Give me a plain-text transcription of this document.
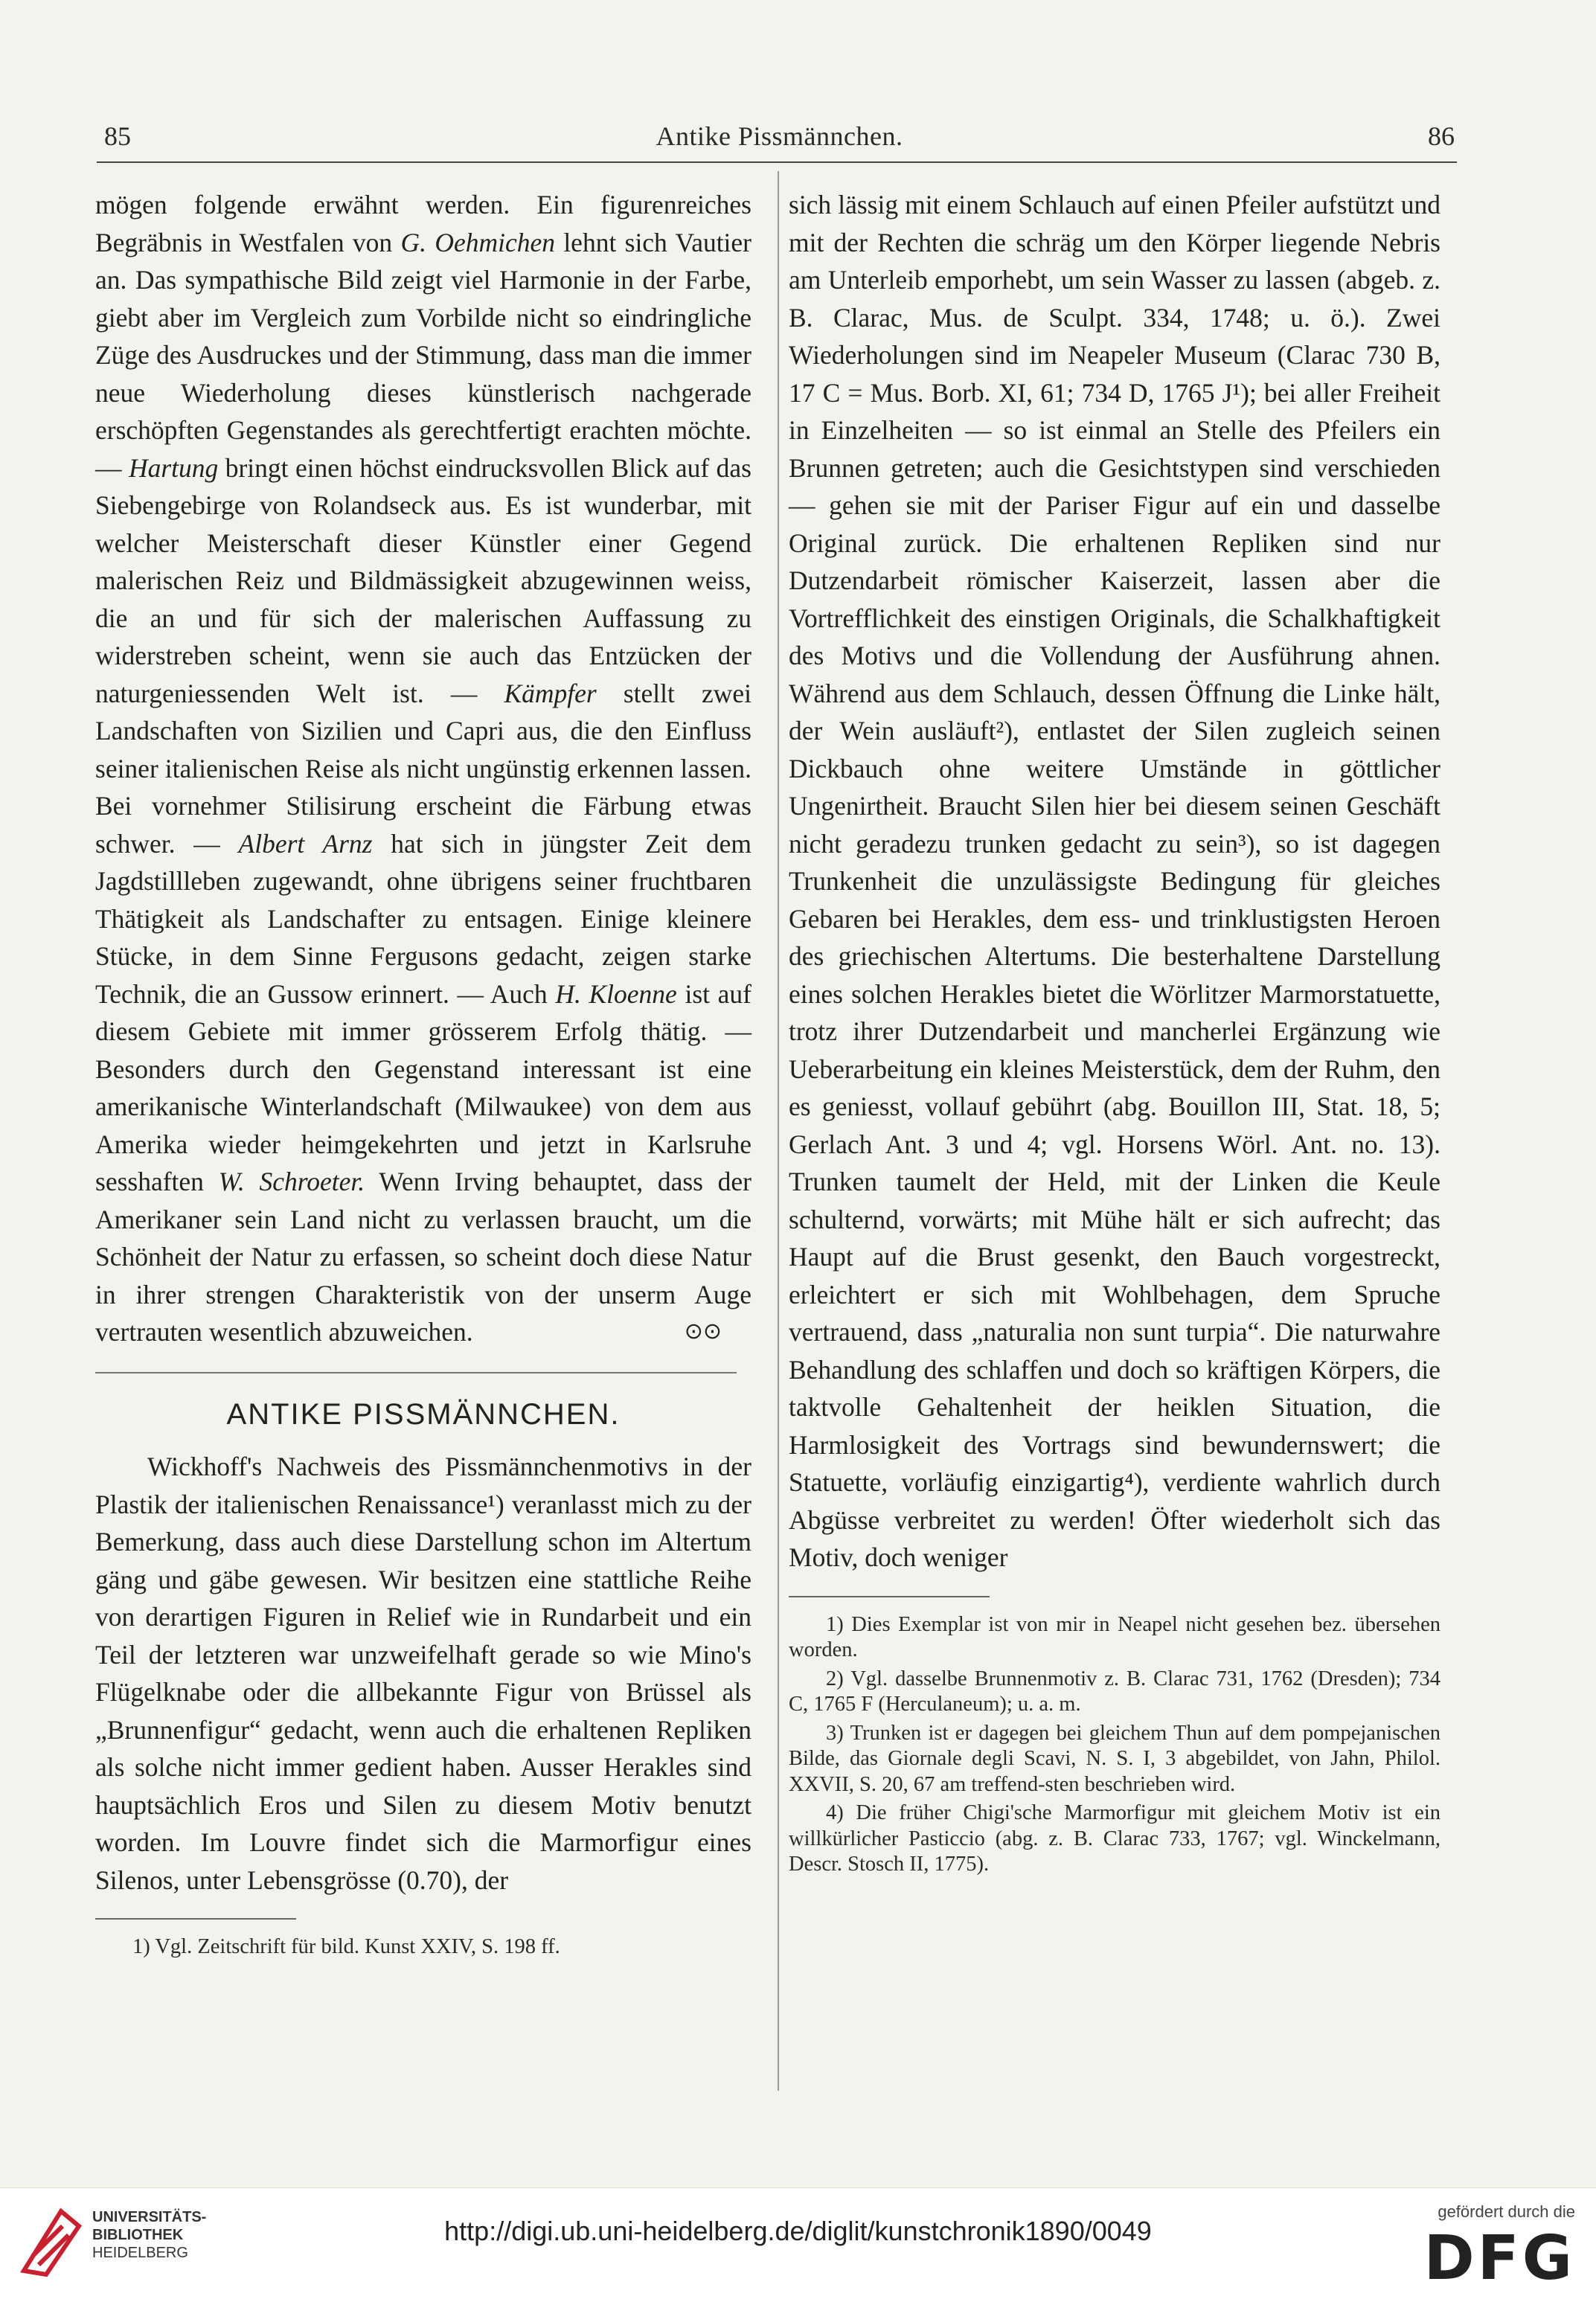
85	Antike Pissmännchen.	86

mögen folgende erwähnt werden. Ein figurenreiches Begräbnis in Westfalen von G. Oehmichen lehnt sich Vautier an. Das sympathische Bild zeigt viel Harmonie in der Farbe, giebt aber im Vergleich zum Vorbilde nicht so eindringliche Züge des Ausdruckes und der Stimmung, dass man die immer neue Wiederholung dieses künstlerisch nachgerade erschöpften Gegenstandes als gerechtfertigt erachten möchte. — Hartung bringt einen höchst eindrucksvollen Blick auf das Siebengebirge von Rolandseck aus. Es ist wunderbar, mit welcher Meisterschaft dieser Künstler einer Gegend malerischen Reiz und Bildmässigkeit abzugewinnen weiss, die an und für sich der malerischen Auffassung zu widerstreben scheint, wenn sie auch das Entzücken der naturgeniessenden Welt ist. — Kämpfer stellt zwei Landschaften von Sizilien und Capri aus, die den Einfluss seiner italienischen Reise als nicht ungünstig erkennen lassen. Bei vornehmer Stilisirung erscheint die Färbung etwas schwer. — Albert Arnz hat sich in jüngster Zeit dem Jagdstillleben zugewandt, ohne übrigens seiner fruchtbaren Thätigkeit als Landschafter zu entsagen. Einige kleinere Stücke, in dem Sinne Fergusons gedacht, zeigen starke Technik, die an Gussow erinnert. — Auch H. Kloenne ist auf diesem Gebiete mit immer grösserem Erfolg thätig. — Besonders durch den Gegenstand interessant ist eine amerikanische Winterlandschaft (Milwaukee) von dem aus Amerika wieder heimgekehrten und jetzt in Karlsruhe sesshaften W. Schroeter. Wenn Irving behauptet, dass der Amerikaner sein Land nicht zu verlassen braucht, um die Schönheit der Natur zu erfassen, so scheint doch diese Natur in ihrer strengen Charakteristik von der unserm Auge vertrauten wesentlich abzuweichen.	⊙⊙

ANTIKE PISSMÄNNCHEN.

Wickhoff's Nachweis des Pissmännchenmotivs in der Plastik der italienischen Renaissance¹) veranlasst mich zu der Bemerkung, dass auch diese Darstellung schon im Altertum gäng und gäbe gewesen. Wir besitzen eine stattliche Reihe von derartigen Figuren in Relief wie in Rundarbeit und ein Teil der letzteren war unzweifelhaft gerade so wie Mino's Flügelknabe oder die allbekannte Figur von Brüssel als „Brunnenfigur“ gedacht, wenn auch die erhaltenen Repliken als solche nicht immer gedient haben. Ausser Herakles sind hauptsächlich Eros und Silen zu diesem Motiv benutzt worden. Im Louvre findet sich die Marmorfigur eines Silenos, unter Lebensgrösse (0.70), der

1) Vgl. Zeitschrift für bild. Kunst XXIV, S. 198 ff.

sich lässig mit einem Schlauch auf einen Pfeiler aufstützt und mit der Rechten die schräg um den Körper liegende Nebris am Unterleib emporhebt, um sein Wasser zu lassen (abgeb. z. B. Clarac, Mus. de Sculpt. 334, 1748; u. ö.). Zwei Wiederholungen sind im Neapeler Museum (Clarac 730 B, 17 C = Mus. Borb. XI, 61; 734 D, 1765 J¹); bei aller Freiheit in Einzelheiten — so ist einmal an Stelle des Pfeilers ein Brunnen getreten; auch die Gesichtstypen sind verschieden — gehen sie mit der Pariser Figur auf ein und dasselbe Original zurück. Die erhaltenen Repliken sind nur Dutzendarbeit römischer Kaiserzeit, lassen aber die Vortrefflichkeit des einstigen Originals, die Schalkhaftigkeit des Motivs und die Vollendung der Ausführung ahnen. Während aus dem Schlauch, dessen Öffnung die Linke hält, der Wein ausläuft²), entlastet der Silen zugleich seinen Dickbauch ohne weitere Umstände in göttlicher Ungenirtheit. Braucht Silen hier bei diesem seinen Geschäft nicht geradezu trunken gedacht zu sein³), so ist dagegen Trunkenheit die unzulässigste Bedingung für gleiches Gebaren bei Herakles, dem ess- und trinklustigsten Heroen des griechischen Altertums. Die besterhaltene Darstellung eines solchen Herakles bietet die Wörlitzer Marmorstatuette, trotz ihrer Dutzendarbeit und mancherlei Ergänzung wie Ueberarbeitung ein kleines Meisterstück, dem der Ruhm, den es geniesst, vollauf gebührt (abg. Bouillon III, Stat. 18, 5; Gerlach Ant. 3 und 4; vgl. Horsens Wörl. Ant. no. 13). Trunken taumelt der Held, mit der Linken die Keule schulternd, vorwärts; mit Mühe hält er sich aufrecht; das Haupt auf die Brust gesenkt, den Bauch vorgestreckt, erleichtert er sich mit Wohlbehagen, dem Spruche vertrauend, dass „naturalia non sunt turpia“. Die naturwahre Behandlung des schlaffen und doch so kräftigen Körpers, die taktvolle Gehaltenheit der heiklen Situation, die Harmlosigkeit des Vortrags sind bewundernswert; die Statuette, vorläufig einzigartig⁴), verdiente wahrlich durch Abgüsse verbreitet zu werden! Öfter wiederholt sich das Motiv, doch weniger

1) Dies Exemplar ist von mir in Neapel nicht gesehen bez. übersehen worden.

2) Vgl. dasselbe Brunnenmotiv z. B. Clarac 731, 1762 (Dresden); 734 C, 1765 F (Herculaneum); u. a. m.

3) Trunken ist er dagegen bei gleichem Thun auf dem pompejanischen Bilde, das Giornale degli Scavi, N. S. I, 3 abgebildet, von Jahn, Philol. XXVII, S. 20, 67 am treffend-sten beschrieben wird.

4) Die früher Chigi'sche Marmorfigur mit gleichem Motiv ist ein willkürlicher Pasticcio (abg. z. B. Clarac 733, 1767; vgl. Winckelmann, Descr. Stosch II, 1775).

UNIVERSITÄTS-
BIBLIOTHEK
HEIDELBERG
http://digi.ub.uni-heidelberg.de/diglit/kunstchronik1890/0049
gefördert durch die
DFG
